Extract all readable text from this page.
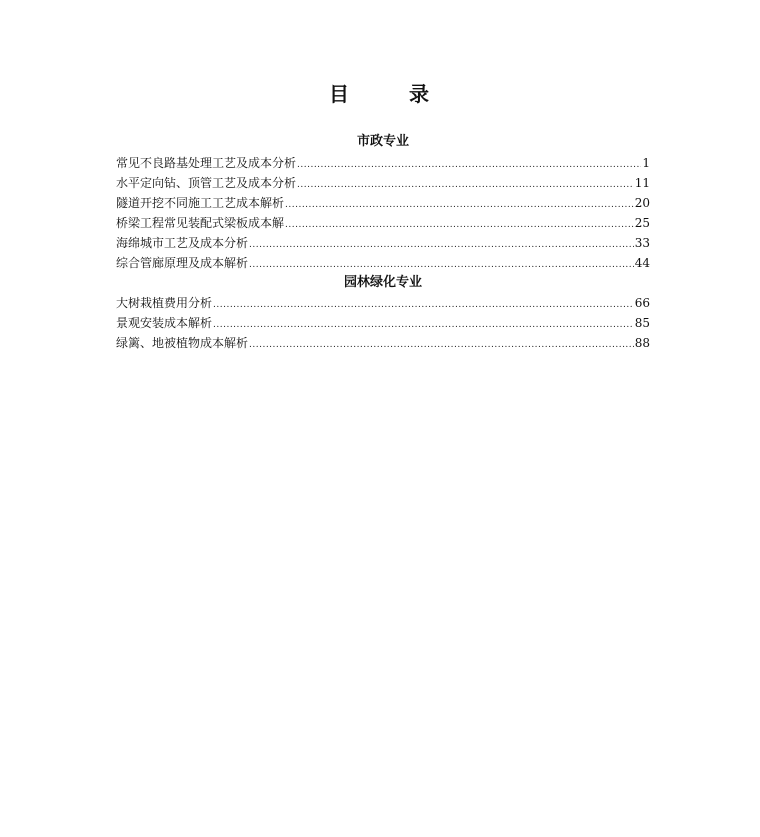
目　录
市政专业
常见不良路基处理工艺及成本分析 .....	1
水平定向钻、顶管工艺及成本分析 .....	11
隧道开挖不同施工工艺成本解析 .....	20
桥梁工程常见装配式梁板成本解 .....	25
海绵城市工艺及成本分析 .....	33
综合管廊原理及成本解析 .....	44
园林绿化专业
大树栽植费用分析 .....	66
景观安装成本解析 .....	85
绿篱、地被植物成本解析 .....	88
